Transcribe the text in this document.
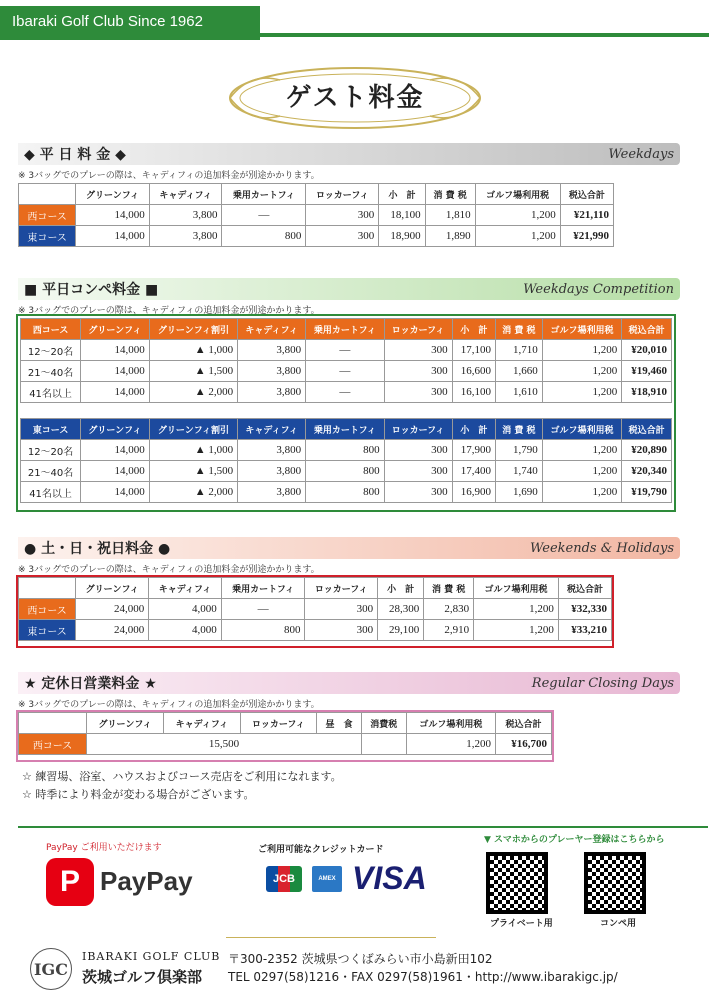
Ibaraki Golf Club Since 1962
ゲスト料金
◆ 平 日 料 金 ◆	Weekdays
※ 3バッグでのプレーの際は、キャディフィの追加料金が別途かかります。
	グリーンフィ	キャディフィ	乗用カートフィ	ロッカーフィ	小　計	消 費 税	ゴルフ場利用税	税込合計
西コース	14,000	3,800	—	300	18,100	1,810	1,200	¥21,110
東コース	14,000	3,800	800	300	18,900	1,890	1,200	¥21,990
■ 平日コンペ料金 ■	Weekdays Competition
※ 3バッグでのプレーの際は、キャディフィの追加料金が別途かかります。
西コース	グリーンフィ	グリーンフィ割引	キャディフィ	乗用カートフィ	ロッカーフィ	小　計	消 費 税	ゴルフ場利用税	税込合計
12〜20名	14,000	▲ 1,000	3,800	—	300	17,100	1,710	1,200	¥20,010
21〜40名	14,000	▲ 1,500	3,800	—	300	16,600	1,660	1,200	¥19,460
41名以上	14,000	▲ 2,000	3,800	—	300	16,100	1,610	1,200	¥18,910
東コース	グリーンフィ	グリーンフィ割引	キャディフィ	乗用カートフィ	ロッカーフィ	小　計	消 費 税	ゴルフ場利用税	税込合計
12〜20名	14,000	▲ 1,000	3,800	800	300	17,900	1,790	1,200	¥20,890
21〜40名	14,000	▲ 1,500	3,800	800	300	17,400	1,740	1,200	¥20,340
41名以上	14,000	▲ 2,000	3,800	800	300	16,900	1,690	1,200	¥19,790
● 土・日・祝日料金 ●	Weekends & Holidays
※ 3バッグでのプレーの際は、キャディフィの追加料金が別途かかります。
	グリーンフィ	キャディフィ	乗用カートフィ	ロッカーフィ	小　計	消 費 税	ゴルフ場利用税	税込合計
西コース	24,000	4,000	—	300	28,300	2,830	1,200	¥32,330
東コース	24,000	4,000	800	300	29,100	2,910	1,200	¥33,210
★ 定休日営業料金 ★	Regular Closing Days
※ 3バッグでのプレーの際は、キャディフィの追加料金が別途かかります。
	グリーンフィ	キャディフィ	ロッカーフィ	昼　食	消費税	ゴルフ場利用税	税込合計
西コース	15,500					1,200	¥16,700
☆ 練習場、浴室、ハウスおよびコース売店をご利用になれます。
☆ 時季により料金が変わる場合がございます。
PayPay ご利用いただけます
P PayPay
ご利用可能なクレジットカード
JCB	AMEX VISA
▼ スマホからのプレーヤー登録はこちらから
プライベート用	コンペ用
IGC
IBARAKI GOLF CLUB
茨城ゴルフ倶楽部
〒300-2352 茨城県つくばみらい市小島新田102
TEL 0297(58)1216・FAX 0297(58)1961・http://www.ibarakigc.jp/
